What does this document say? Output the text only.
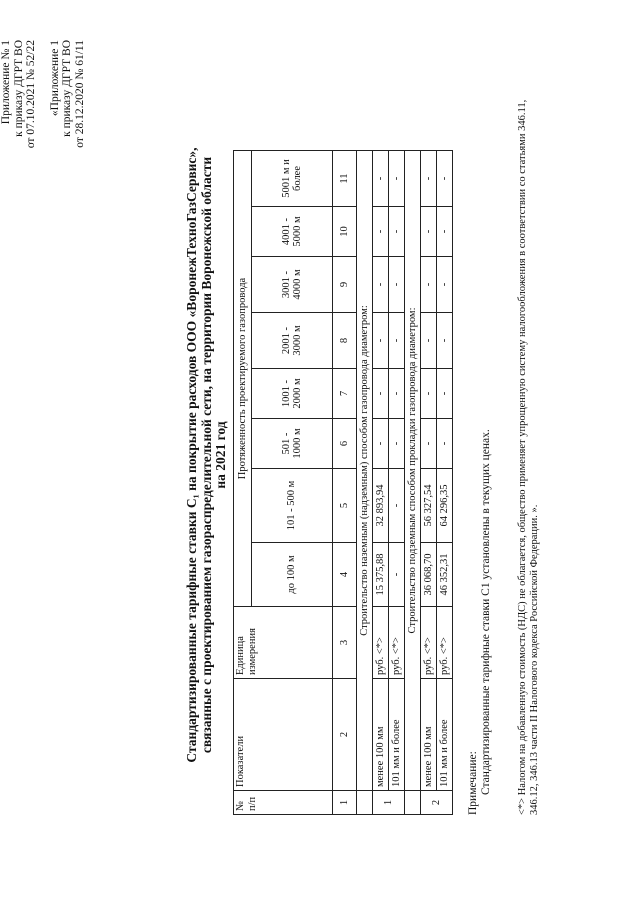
Приложение № 1 к приказу ДГРТ ВО от 07.10.2021 № 52/22 «Приложение 1 к приказу ДГРТ ВО от 28.12.2020 № 61/11
Стандартизированные тарифные ставки С₁ на покрытие расходов ООО «ВоронежТехноГазСервис», связанные с проектированием газораспределительной сети, на территории Воронежской области на 2021 год
№ п/п	Показатели	Единица измерения	Протяженность проектируемого газопровода							
			до 100 м	101 - 500 м	501 - 1000 м	1001 - 2000 м	2001 - 3000 м	3001 - 4000 м	4001 - 5000 м	5001 м и более
1	2	3	4	5	6	7	8	9	10	11
	Строительство наземным (надземным) способом газопровода диаметром:									
1	менее 100 мм	руб. <*>	15 375,88	32 893,94	-	-	-	-	-	-
	101 мм и более	руб. <*>	-	-	-	-	-	-	-	-
	Строительство подземным способом прокладки газопровода диаметром:									
2	менее 100 мм	руб. <*>	36 068,70	56 327,54	-	-	-	-	-	-
	101 мм и более	руб. <*>	46 352,31	64 296,35	-	-	-	-	-	-
Примечание: Стандартизированные тарифные ставки С1 установлены в текущих ценах. <*> Налогом на добавленную стоимость (НДС) не облагается, общество применяет упрощенную систему налогообложения в соответствии со статьями 346.11, 346.12, 346.13 части II Налогового кодекса Российской Федерации. ».
